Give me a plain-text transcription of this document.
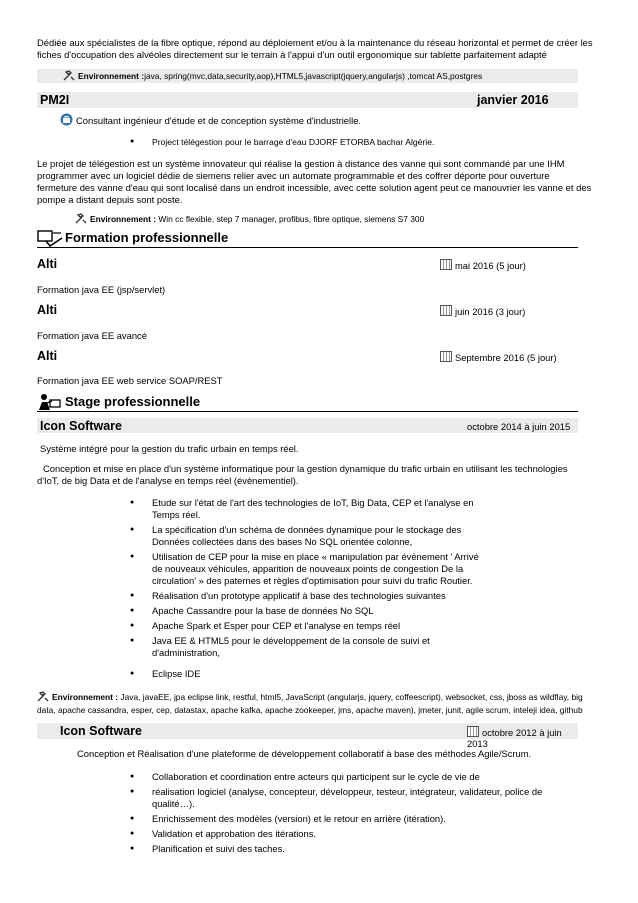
Dédiée aux spécialistes de la fibre optique, répond au déploiement et/ou à la maintenance du réseau horizontal et permet de créer les fiches d'occupation des alvéoles directement sur le terrain à l'appui d'un outil ergonomique sur tablette parfaitement adapté
Environnement :java, spring(mvc,data,security,aop),HTML5,javascript(jquery,angularjs) ,tomcat AS,postgres
PM2I	janvier 2016
Consultant ingénieur d'étude et de conception système d'industrielle.
● Project télégestion pour le barrage d'eau DJORF ETORBA bachar Algérie.
Le projet de télégestion est un système innovateur qui réalise la gestion à distance des vanne qui sont commandé par une IHM programmer avec un logiciel dédie de siemens relier avec un automate programmable et des coffrer déporte pour ouverture fermeture des vanne d'eau qui sont localisé dans un endroit incessible, avec cette solution agent peut ce manouvrier les vanne et des pompe a distant depuis sont poste.
Environnement : Win cc flexible, step 7 manager, profibus, fibre optique, siemens S7 300
Formation professionnelle
Alti	mai 2016 (5 jour)
Formation java EE (jsp/servlet)
Alti	juin 2016 (3 jour)
Formation java EE avancé
Alti	Septembre 2016 (5 jour)
Formation java EE web service SOAP/REST
Stage professionnelle
Icon Software	octobre 2014 à juin 2015
Système intégré pour la gestion du trafic urbain en temps réel.
Conception et mise en place d'un système informatique pour la gestion dynamique du trafic urbain en utilisant les technologies d'IoT, de big Data et de l'analyse en temps réel (évènementiel).
● Etude sur l'état de l'art des technologies de IoT, Big Data, CEP et l'analyse en Temps réel.
● La spécification d'un schéma de données dynamique pour le stockage des Données collectées dans des bases No SQL orientée colonne,
● Utilisation de CEP pour la mise en place « manipulation par évènement ' Arrivé de nouveaux véhicules, apparition de nouveaux points de congestion De la circulation' » des paternes et règles d'optimisation pour suivi du trafic Routier.
● Réalisation d'un prototype applicatif à base des technologies suivantes
● Apache Cassandre pour la base de données No SQL
● Apache Spark et Esper pour CEP et l'analyse en temps réel
● Java EE & HTML5 pour le développement de la console de suivi et d'administration,
● Eclipse IDE
Environnement : Java, javaEE, jpa eclipse link, restful, html5, JavaScript (angularjs, jquery, coffeescript), websocket, css, jboss as wildflay, big data, apache cassandra, esper, cep, datastax, apache kafka, apache zookeeper, jms, apache maven), jmeter, junit, agile scrum, inteleji idea, github
Icon Software	octobre 2012 à juin 2013
Conception et Réalisation d'une plateforme de développement collaboratif à base des méthodes Agile/Scrum.
● Collaboration et coordination entre acteurs qui participent sur le cycle de vie de
● réalisation logiciel (analyse, concepteur, développeur, testeur, intégrateur, validateur, police de qualité…).
● Enrichissement des modèles (version) et le retour en arrière (itération).
● Validation et approbation des itérations.
● Planification et suivi des taches.
